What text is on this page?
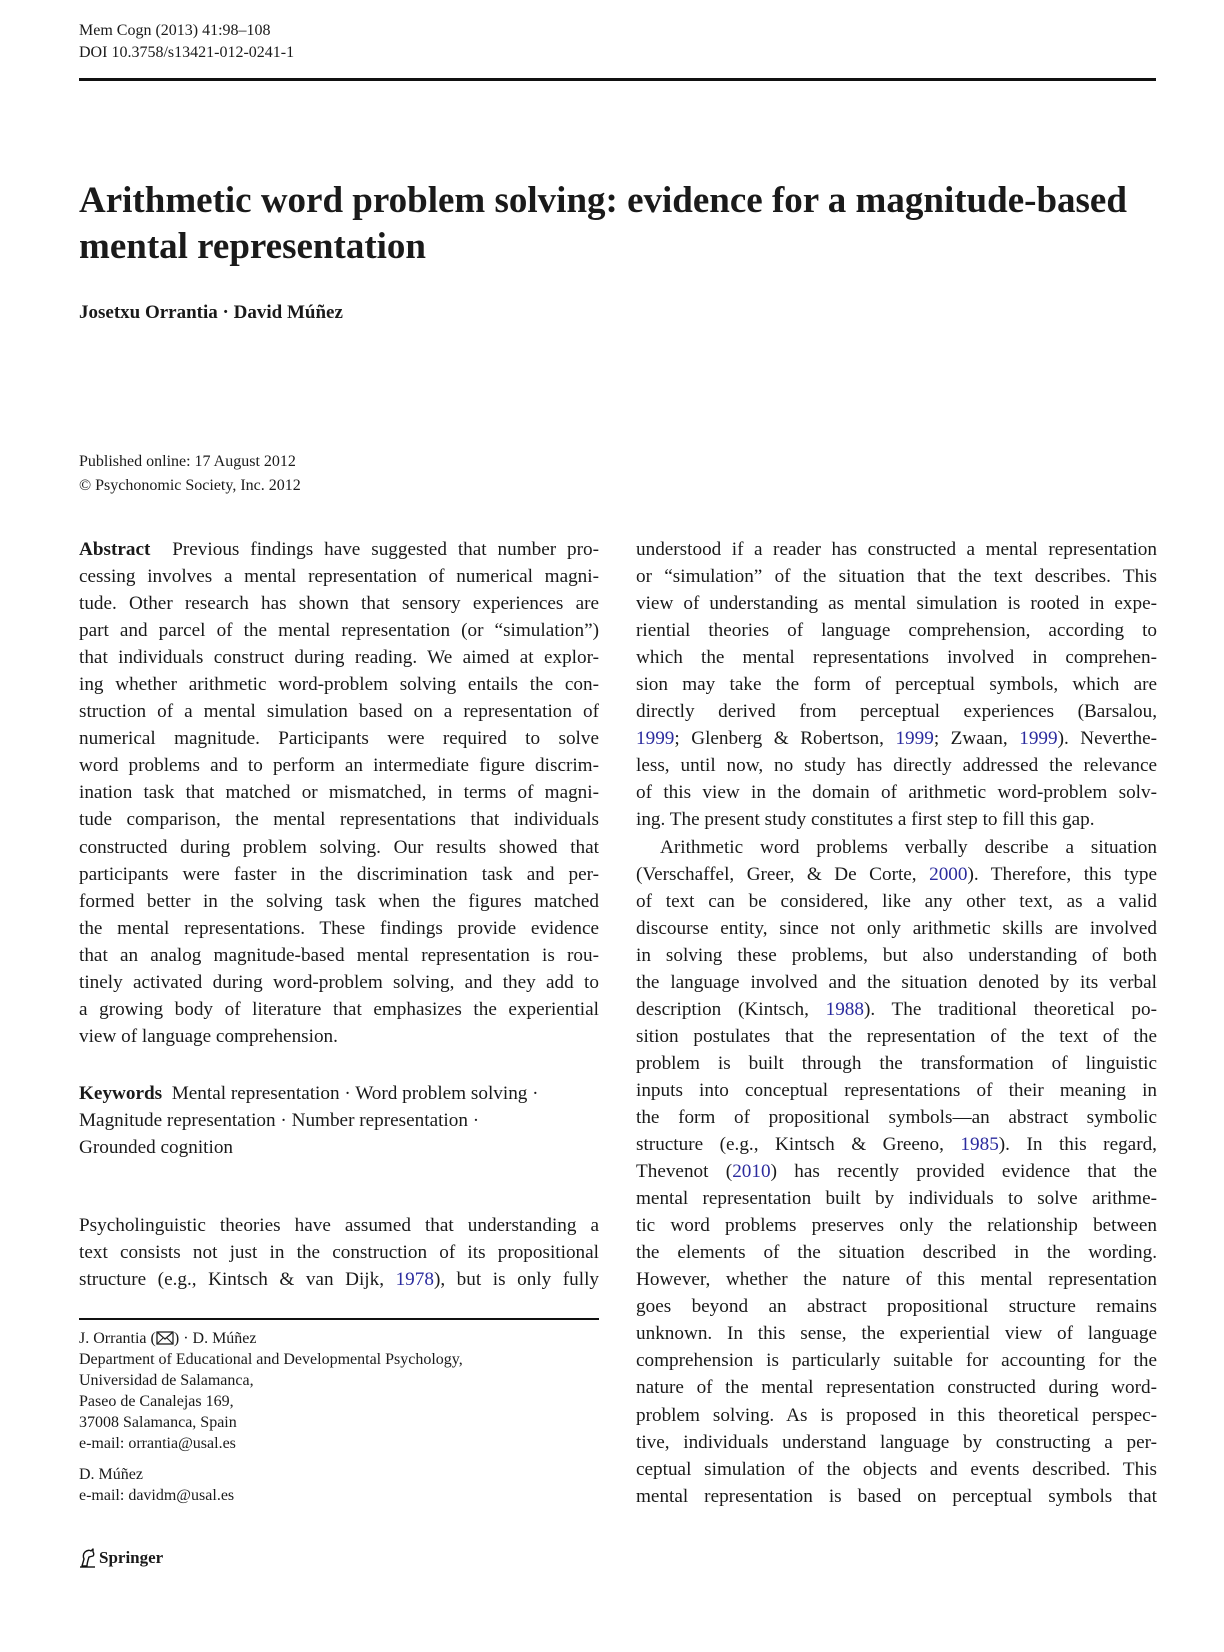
Mem Cogn (2013) 41:98–108
DOI 10.3758/s13421-012-0241-1
Arithmetic word problem solving: evidence for a magnitude-based mental representation
Josetxu Orrantia · David Múñez
Published online: 17 August 2012
© Psychonomic Society, Inc. 2012

Abstract Previous findings have suggested that number pro-

cessing involves a mental representation of numerical magni-

tude. Other research has shown that sensory experiences are

part and parcel of the mental representation (or “simulation”)

that individuals construct during reading. We aimed at explor-

ing whether arithmetic word-problem solving entails the con-

struction of a mental simulation based on a representation of

numerical magnitude. Participants were required to solve

word problems and to perform an intermediate figure discrim-

ination task that matched or mismatched, in terms of magni-

tude comparison, the mental representations that individuals

constructed during problem solving. Our results showed that

participants were faster in the discrimination task and per-

formed better in the solving task when the figures matched

the mental representations. These findings provide evidence

that an analog magnitude-based mental representation is rou-

tinely activated during word-problem solving, and they add to

a growing body of literature that emphasizes the experiential

view of language comprehension.

Keywords Mental representation · Word problem solving ·

Magnitude representation · Number representation ·

Grounded cognition

Psycholinguistic theories have assumed that understanding a

text consists not just in the construction of its propositional

structure (e.g., Kintsch & van Dijk, 1978), but is only fully

J. Orrantia ( ) · D. Múñez
Department of Educational and Developmental Psychology,
Universidad de Salamanca,
Paseo de Canalejas 169,
37008 Salamanca, Spain
e-mail: orrantia@usal.es
D. Múñez
e-mail: davidm@usal.es

understood if a reader has constructed a mental representation

or “simulation” of the situation that the text describes. This

view of understanding as mental simulation is rooted in expe-

riential theories of language comprehension, according to

which the mental representations involved in comprehen-

sion may take the form of perceptual symbols, which are

directly derived from perceptual experiences (Barsalou,

1999; Glenberg & Robertson, 1999; Zwaan, 1999). Neverthe-

less, until now, no study has directly addressed the relevance

of this view in the domain of arithmetic word-problem solv-

ing. The present study constitutes a first step to fill this gap.

Arithmetic word problems verbally describe a situation

(Verschaffel, Greer, & De Corte, 2000). Therefore, this type

of text can be considered, like any other text, as a valid

discourse entity, since not only arithmetic skills are involved

in solving these problems, but also understanding of both

the language involved and the situation denoted by its verbal

description (Kintsch, 1988). The traditional theoretical po-

sition postulates that the representation of the text of the

problem is built through the transformation of linguistic

inputs into conceptual representations of their meaning in

the form of propositional symbols—an abstract symbolic

structure (e.g., Kintsch & Greeno, 1985). In this regard,

Thevenot (2010) has recently provided evidence that the

mental representation built by individuals to solve arithme-

tic word problems preserves only the relationship between

the elements of the situation described in the wording.

However, whether the nature of this mental representation

goes beyond an abstract propositional structure remains

unknown. In this sense, the experiential view of language

comprehension is particularly suitable for accounting for the

nature of the mental representation constructed during word-

problem solving. As is proposed in this theoretical perspec-

tive, individuals understand language by constructing a per-

ceptual simulation of the objects and events described. This

mental representation is based on perceptual symbols that

Springer
